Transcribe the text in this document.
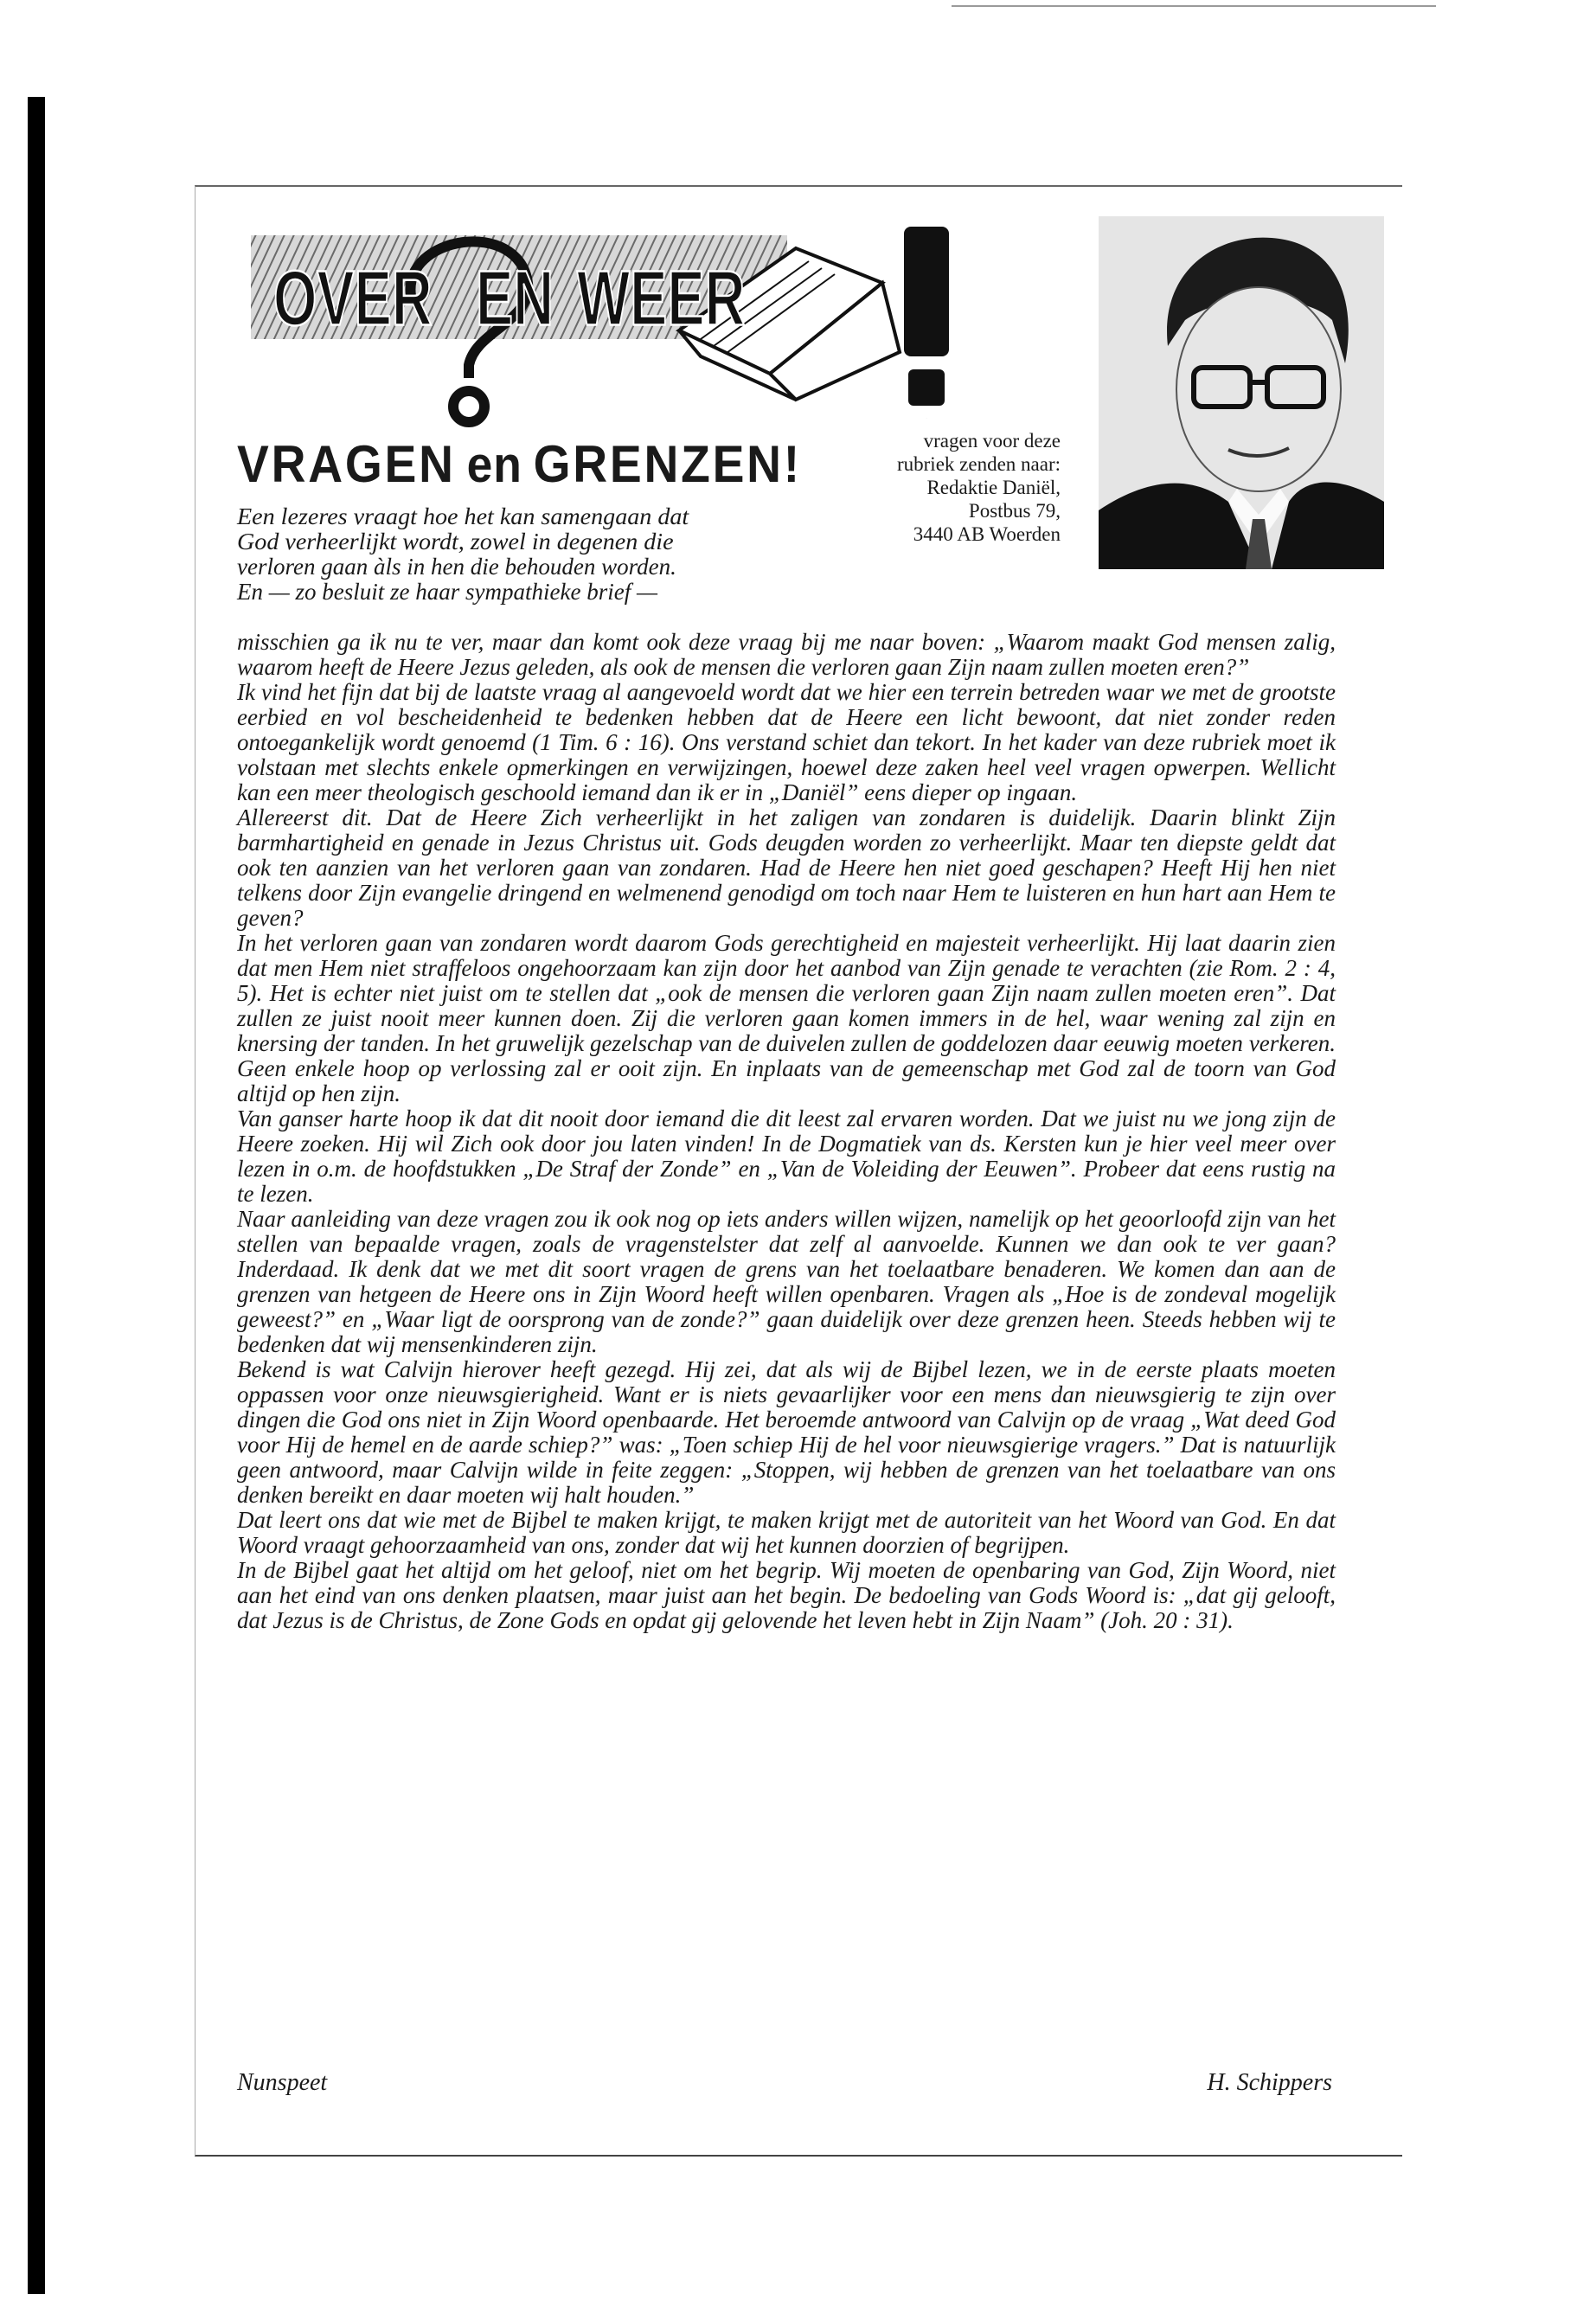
!
OVER EN WEER
VRAGEN en GRENZEN!	vragen voor deze
rubriek zenden naar:
Redaktie Daniël,
Postbus 79,
3440 AB Woerden

Een lezeres vraagt hoe het kan samengaan dat

God verheerlijkt wordt, zowel in degenen die

verloren gaan àls in hen die behouden worden.

En — zo besluit ze haar sympathieke brief —

misschien ga ik nu te ver, maar dan komt ook deze vraag bij me naar boven: „Waarom maakt God mensen zalig, waarom heeft de Heere Jezus geleden, als ook de mensen die verloren gaan Zijn naam zullen moeten eren?”

Ik vind het fijn dat bij de laatste vraag al aangevoeld wordt dat we hier een terrein betreden waar we met de grootste eerbied en vol bescheidenheid te bedenken hebben dat de Heere een licht bewoont, dat niet zonder reden ontoegankelijk wordt genoemd (1 Tim. 6 : 16). Ons verstand schiet dan tekort. In het kader van deze rubriek moet ik volstaan met slechts enkele opmerkingen en verwijzingen, hoewel deze zaken heel veel vragen opwerpen. Wellicht kan een meer theologisch geschoold iemand dan ik er in „Daniël” eens dieper op ingaan.

Allereerst dit. Dat de Heere Zich verheerlijkt in het zaligen van zondaren is duidelijk. Daarin blinkt Zijn barmhartigheid en genade in Jezus Christus uit. Gods deugden worden zo verheerlijkt. Maar ten diepste geldt dat ook ten aanzien van het verloren gaan van zondaren. Had de Heere hen niet goed geschapen? Heeft Hij hen niet telkens door Zijn evangelie dringend en welmenend genodigd om toch naar Hem te luisteren en hun hart aan Hem te geven?

In het verloren gaan van zondaren wordt daarom Gods gerechtigheid en majesteit verheerlijkt. Hij laat daarin zien dat men Hem niet straffeloos ongehoorzaam kan zijn door het aanbod van Zijn genade te verachten (zie Rom. 2 : 4, 5). Het is echter niet juist om te stellen dat „ook de mensen die verloren gaan Zijn naam zullen moeten eren”. Dat zullen ze juist nooit meer kunnen doen. Zij die verloren gaan komen immers in de hel, waar wening zal zijn en knersing der tanden. In het gruwelijk gezelschap van de duivelen zullen de goddelozen daar eeuwig moeten verkeren. Geen enkele hoop op verlossing zal er ooit zijn. En inplaats van de gemeenschap met God zal de toorn van God altijd op hen zijn.

Van ganser harte hoop ik dat dit nooit door iemand die dit leest zal ervaren worden. Dat we juist nu we jong zijn de Heere zoeken. Hij wil Zich ook door jou laten vinden! In de Dogmatiek van ds. Kersten kun je hier veel meer over lezen in o.m. de hoofdstukken „De Straf der Zonde” en „Van de Voleiding der Eeuwen”. Probeer dat eens rustig na te lezen.

Naar aanleiding van deze vragen zou ik ook nog op iets anders willen wijzen, namelijk op het geoorloofd zijn van het stellen van bepaalde vragen, zoals de vragenstelster dat zelf al aanvoelde. Kunnen we dan ook te ver gaan? Inderdaad. Ik denk dat we met dit soort vragen de grens van het toelaatbare benaderen. We komen dan aan de grenzen van hetgeen de Heere ons in Zijn Woord heeft willen openbaren. Vragen als „Hoe is de zondeval mogelijk geweest?” en „Waar ligt de oorsprong van de zonde?” gaan duidelijk over deze grenzen heen. Steeds hebben wij te bedenken dat wij mensenkinderen zijn.

Bekend is wat Calvijn hierover heeft gezegd. Hij zei, dat als wij de Bijbel lezen, we in de eerste plaats moeten oppassen voor onze nieuwsgierigheid. Want er is niets gevaarlijker voor een mens dan nieuwsgierig te zijn over dingen die God ons niet in Zijn Woord openbaarde. Het beroemde antwoord van Calvijn op de vraag „Wat deed God voor Hij de hemel en de aarde schiep?” was: „Toen schiep Hij de hel voor nieuwsgierige vragers.” Dat is natuurlijk geen antwoord, maar Calvijn wilde in feite zeggen: „Stoppen, wij hebben de grenzen van het toelaatbare van ons denken bereikt en daar moeten wij halt houden.”

Dat leert ons dat wie met de Bijbel te maken krijgt, te maken krijgt met de autoriteit van het Woord van God. En dat Woord vraagt gehoorzaamheid van ons, zonder dat wij het kunnen doorzien of begrijpen.

In de Bijbel gaat het altijd om het geloof, niet om het begrip. Wij moeten de openbaring van God, Zijn Woord, niet aan het eind van ons denken plaatsen, maar juist aan het begin. De bedoeling van Gods Woord is: „dat gij gelooft, dat Jezus is de Christus, de Zone Gods en opdat gij gelovende het leven hebt in Zijn Naam” (Joh. 20 : 31).

Nunspeet	H. Schippers
